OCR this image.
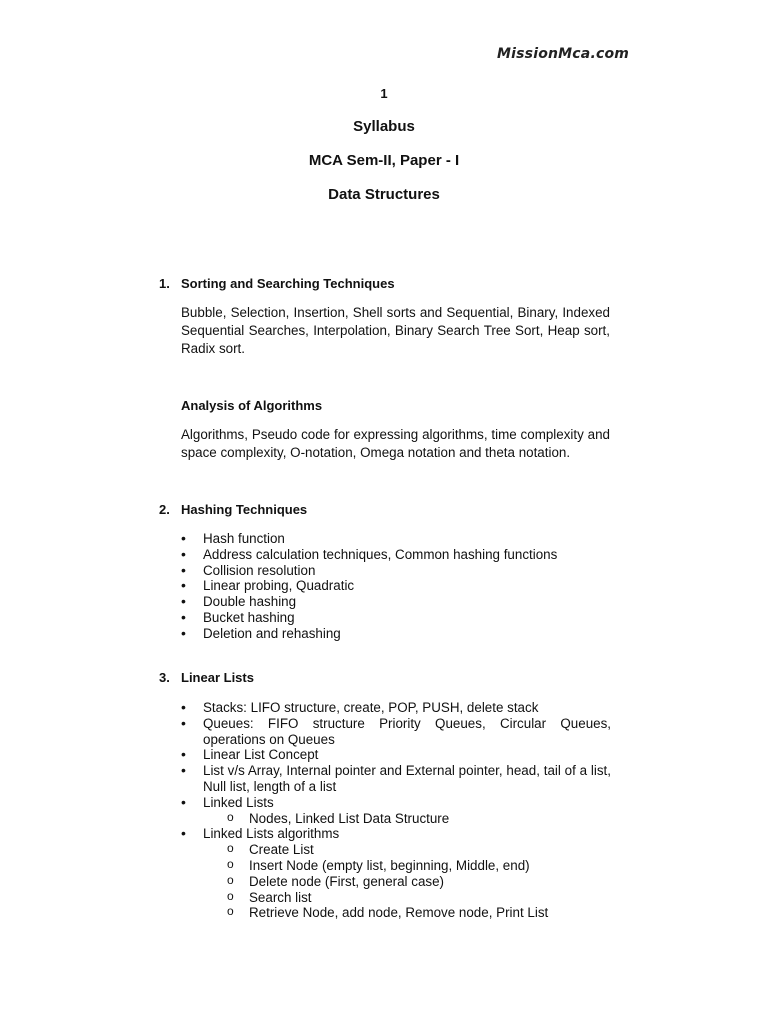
MissionMca.com
1
Syllabus
MCA Sem-II, Paper - I
Data Structures
1. Sorting and Searching Techniques
Bubble, Selection, Insertion, Shell sorts and Sequential, Binary, Indexed Sequential Searches, Interpolation, Binary Search Tree Sort, Heap sort, Radix sort.
Analysis of Algorithms
Algorithms, Pseudo code for expressing algorithms, time complexity and space complexity, O-notation, Omega notation and theta notation.
2. Hashing Techniques
• Hash function
• Address calculation techniques, Common hashing functions
• Collision resolution
• Linear probing, Quadratic
• Double hashing
• Bucket hashing
• Deletion and rehashing
3. Linear Lists
• Stacks: LIFO structure, create, POP, PUSH, delete stack
• Queues: FIFO structure Priority Queues, Circular Queues, operations on Queues
• Linear List Concept
• List v/s Array, Internal pointer and External pointer, head, tail of a list, Null list, length of a list
• Linked Lists
o Nodes, Linked List Data Structure
• Linked Lists algorithms
o Create List
o Insert Node (empty list, beginning, Middle, end)
o Delete node (First, general case)
o Search list
o Retrieve Node, add node, Remove node, Print List
